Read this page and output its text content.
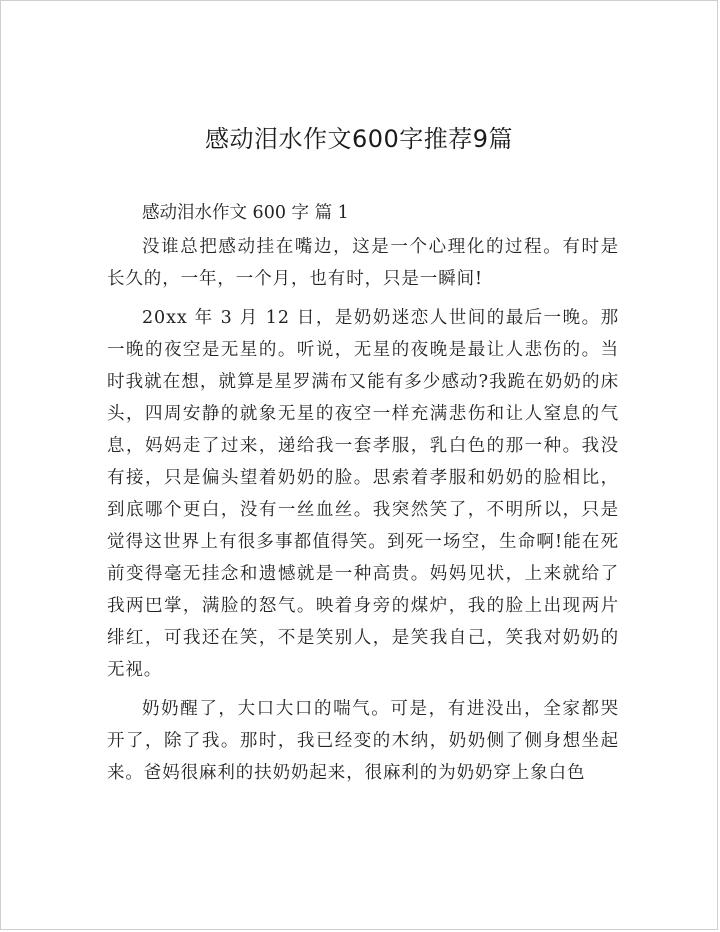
感动泪水作文600字推荐9篇

感动泪水作文 600 字 篇 1

没谁总把感动挂在嘴边，这是一个心理化的过程。有时是长久的，一年，一个月，也有时，只是一瞬间!

20xx 年 3 月 12 日，是奶奶迷恋人世间的最后一晚。那一晚的夜空是无星的。听说，无星的夜晚是最让人悲伤的。当时我就在想，就算是星罗满布又能有多少感动?我跪在奶奶的床头，四周安静的就象无星的夜空一样充满悲伤和让人窒息的气息，妈妈走了过来，递给我一套孝服，乳白色的那一种。我没有接，只是偏头望着奶奶的脸。思索着孝服和奶奶的脸相比，到底哪个更白，没有一丝血丝。我突然笑了，不明所以，只是觉得这世界上有很多事都值得笑。到死一场空，生命啊!能在死前变得毫无挂念和遗憾就是一种高贵。妈妈见状，上来就给了我两巴掌，满脸的怒气。映着身旁的煤炉，我的脸上出现两片绯红，可我还在笑，不是笑别人，是笑我自己，笑我对奶奶的无视。

奶奶醒了，大口大口的喘气。可是，有进没出，全家都哭开了，除了我。那时，我已经变的木纳，奶奶侧了侧身想坐起来。爸妈很麻利的扶奶奶起来，很麻利的为奶奶穿上象白色
